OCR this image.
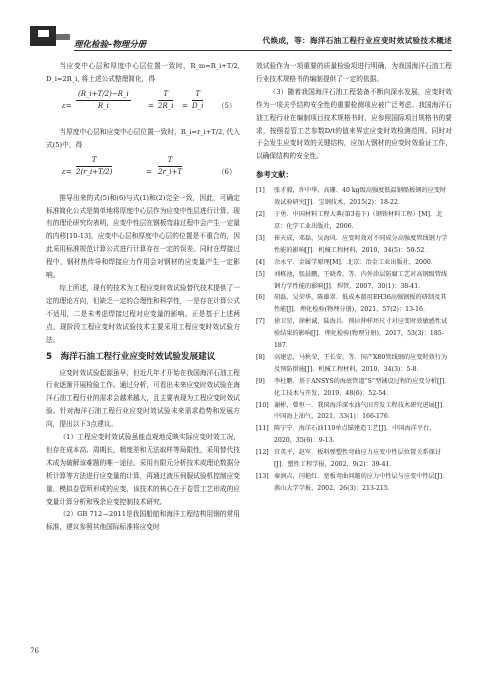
理化检验–物理分册	代焕成，等：海洋石油工程行业应变时效试验技术概述

当应变中心层和厚度中心层位置一致时，R_m=R_i+T/2, D_i=2R_i, 将上述公式整理简化，得

$\varepsilon= \frac{(R\_i+T/2)-R\_i}{R\_i} = \frac{T}{2R\_i} = \frac{T}{D\_i} (5)$

当厚度中心层和应变中心层位置一致时，R_i=r_i+T/2, 代入式(5)中，得

$\varepsilon= \frac{T}{2(r\_i+T/2)}$	= $\frac{T}{2r\_i+T}$	（6）

推导出来的式(5)和(6)与式(1)和(2)完全一致，因此，可确定标准简化公式是简单地将厚度中心层作为应变中性层进行计算。现有的理论研究均表明，应变中性层在钢板弯曲过程中会产生一定量的内移[10-13]，应变中心层和厚度中心层的位置是不重合的，因此采用标准规范计算公式进行计算存在一定的误差。同时在焊接过程中，钢材热传导和焊接应力作用会对钢材的应变量产生一定影响。

综上所述，现有的技术为工程应变时效试验替代技术提供了一定的理论方向，但缺乏一定的合理性和科学性，一是存在计算公式不适用，二是未考虑焊接过程对应变量的影响。正是基于上述两点，现阶段工程应变时效试验技术主要采用工程应变时效试验方法。

5　海洋石油工程行业应变时效试验发展建议

应变时效试验起源虽早，但近几年才开始在我国海洋石油工程行业逐渐开展检验工作。通过分析，可看出未来应变时效试验在海洋石油工程行业的需求会越来越大，且主要表现为工程应变时效试验。针对海洋石油工程行业应变时效试验未来需求趋势和发展方向，提出以下3点建议。

（1）工程应变时效试验虽能直观地反映实际应变时效工况，但存在成本高、周期长，精度差和无法取样等局限性，采用替代技术成为破解该难题的唯一途径。采用有限元分析技术或理论数据分析计算等方法进行应变量的计算，再通过液压伺服试验机控制应变量，模拟卷管所形成的应变，该技术的核心在于卷管工艺形成的应变量计算分析和残余应变控制技术研究。

（2）GB 712—2011是我国船舶和海洋工程结构用钢的常用标准，建议参照其他国际标准将应变时

效试验作为一项重要的质量检验项进行明确，为我国海洋石油工程行业技术规格书的编制提供了一定的依据。

（3）随着我国海洋石油工程装备不断向深水发展，应变时效作为一项关乎结构安全性的重要检测项应被广泛考虑。我国海洋石油工程行业在编制项目技术规格书时，应参照国际项目规格书的要求，按照卷管工艺参数D/t的值来界定应变时效检测范围。同时对于会发生应变时效的关键结构，应加大钢材的应变时效验证工作，以确保结构的安全性。

参考文献：
[1] 张才毅，许中华，高珊．40 kg级高强度低温钢船板钢的应变时效试验研究[J]．宝钢技术，2015(2)：18-22．
[2] 于勇．中国材料工程大典(第3卷下)（钢铁材料工程）[M]．北京：化学工业出版社，2006．
[3] 崔天成，邓磊，吴海风．应变时效对不同成分高强度管线钢力学性能的影响[J]．机械工程材料，2010，34(5)：50-52．
[4] 余永宁．金属学原理[M]．北京：冶金工业出版社，2000．
[5] 刘栋池，张晨鹏，王晓希，等．内外涂层防腐工艺对高钢级管线钢力学性能的影响[J]．焊管，2007，30(1)：38-41．
[6] 胡磊，吴荣华，陈雄翠．低成本船用EH36高强钢板的研制及其性能[J]．理化检验(物理分册)，2021，57(2)：13-16．
[7] 徐卫星，徐彬诚，陆海兵．预拉伸样坯尺寸对应变时效敏感性试验结果的影响[J]．理化检验(物理分册)，2017，53(3)：185-187．
[8] 高建忠，马秋荣，王长安，等．国产X80管线钢的应变时效行为及预防措施[J]．机械工程材料，2010，34(3)：5-8．
[9] 李杜鹏．基于ANSYS的海底管道“S”型铺设过程的应变分析[J]．化工技术与开发，2019，48(6)：52-54．
[10] 谢彬，曾恒一．我国海洋深水油气田开发工程技术研究进展[J]．中国海上油气，2021，33(1)：166-176．
[11] 陈宁宁．海洋石油119单点锚建造工艺[J]．中国海洋平台，2020，35(6)：9-13．
[12] 官英平，赵军．板料弹塑性弯曲应力应变中性层位置关系探讨[J]．塑性工程学报，2002，9(2)：39-41．
[13] 秦润吉，闫艳红．宽板弯曲问题的应力中性层与应变中性层[J]．燕山大学学报，2002，26(3)：213-215．
76
